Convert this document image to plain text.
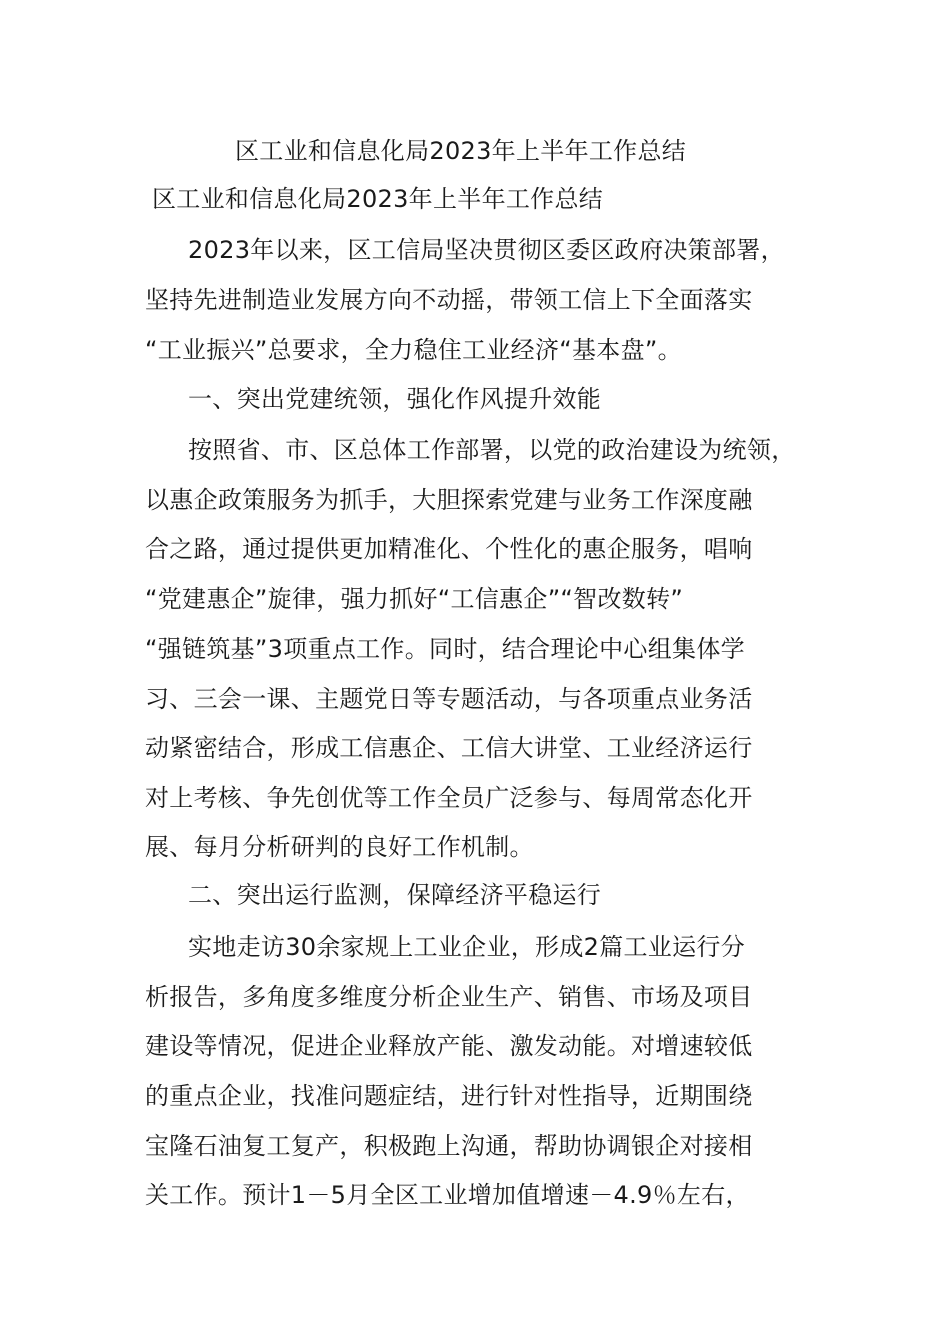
区工业和信息化局2023年上半年工作总结
区工业和信息化局2023年上半年工作总结
2023年以来，区工信局坚决贯彻区委区政府决策部署，
坚持先进制造业发展方向不动摇，带领工信上下全面落实
“工业振兴”总要求，全力稳住工业经济“基本盘”。
一、突出党建统领，强化作风提升效能
按照省、市、区总体工作部署，以党的政治建设为统领，
以惠企政策服务为抓手，大胆探索党建与业务工作深度融
合之路，通过提供更加精准化、个性化的惠企服务，唱响
“党建惠企”旋律，强力抓好“工信惠企”“智改数转”
“强链筑基”3项重点工作。同时，结合理论中心组集体学
习、三会一课、主题党日等专题活动，与各项重点业务活
动紧密结合，形成工信惠企、工信大讲堂、工业经济运行
对上考核、争先创优等工作全员广泛参与、每周常态化开
展、每月分析研判的良好工作机制。
二、突出运行监测，保障经济平稳运行
实地走访30余家规上工业企业，形成2篇工业运行分
析报告，多角度多维度分析企业生产、销售、市场及项目
建设等情况，促进企业释放产能、激发动能。对增速较低
的重点企业，找准问题症结，进行针对性指导，近期围绕
宝隆石油复工复产，积极跑上沟通，帮助协调银企对接相
关工作。预计1－5月全区工业增加值增速－4.9％左右，
